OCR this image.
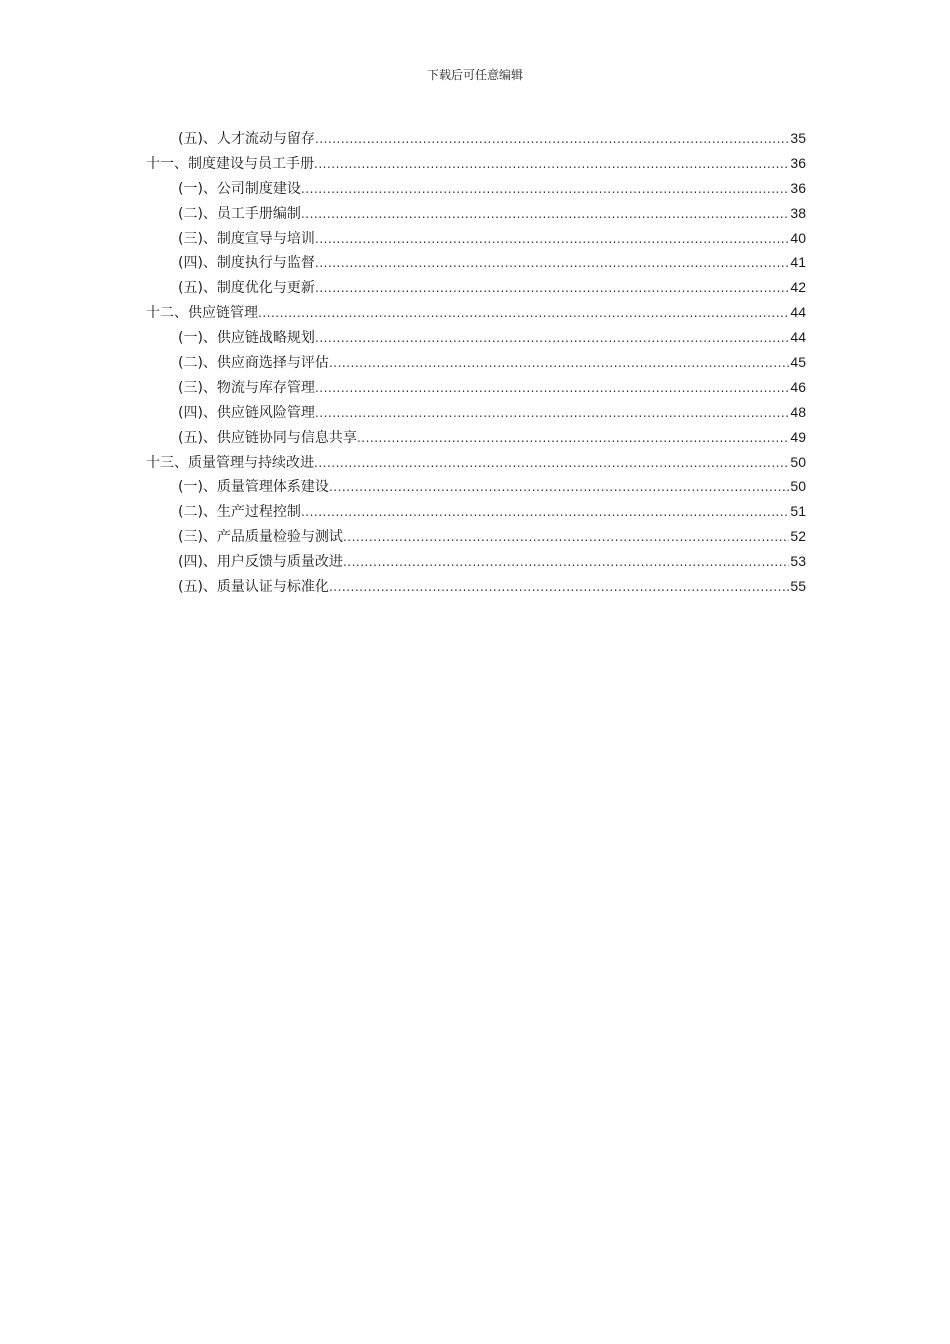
下载后可任意编辑
(五)、人才流动与留存 .....	35
十一、制度建设与员工手册 .....	36
(一)、公司制度建设 .....	36
(二)、员工手册编制 .....	38
(三)、制度宣导与培训 .....	40
(四)、制度执行与监督 .....	41
(五)、制度优化与更新 .....	42
十二、供应链管理 .....	44
(一)、供应链战略规划 .....	44
(二)、供应商选择与评估 .....	45
(三)、物流与库存管理 .....	46
(四)、供应链风险管理 .....	48
(五)、供应链协同与信息共享 .....	49
十三、质量管理与持续改进 .....	50
(一)、质量管理体系建设 .....	50
(二)、生产过程控制 .....	51
(三)、产品质量检验与测试 .....	52
(四)、用户反馈与质量改进 .....	53
(五)、质量认证与标准化 .....	55
